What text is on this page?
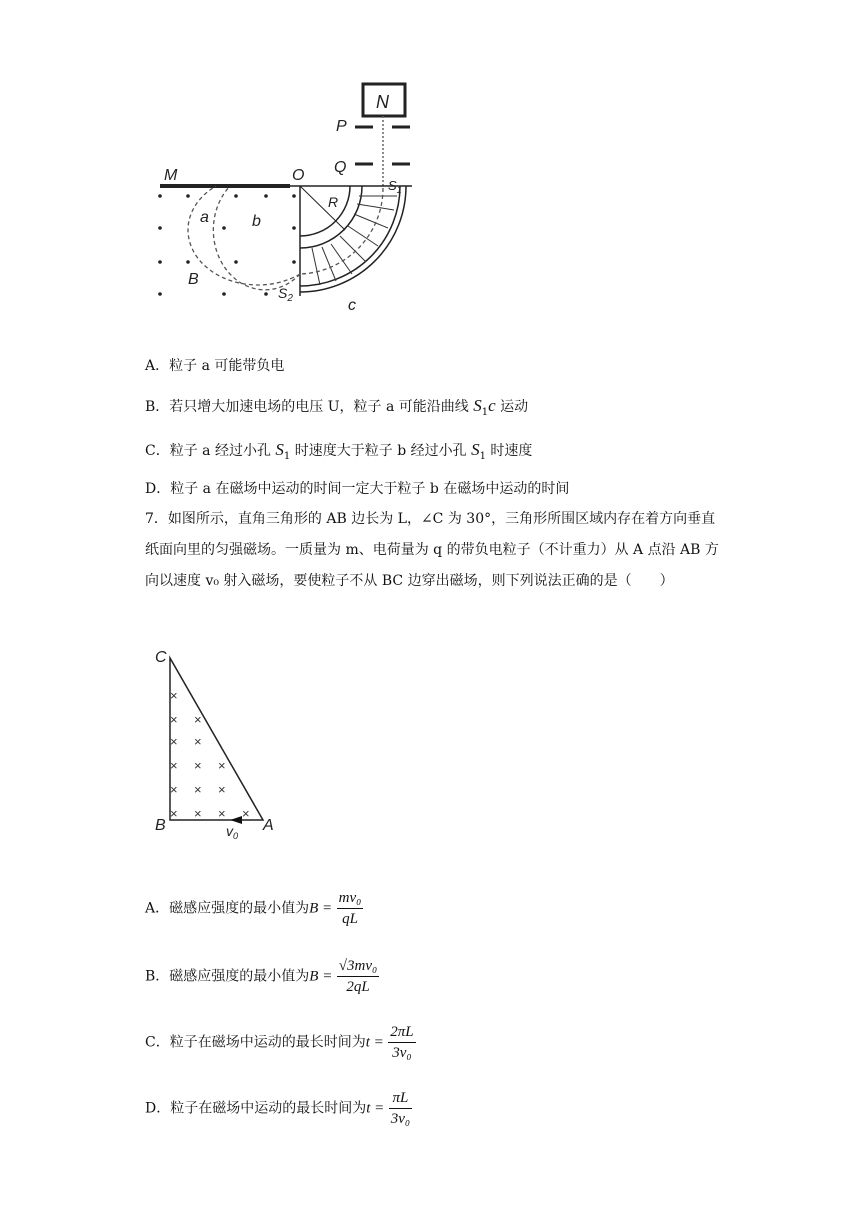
N
P
Q
M	O
$S_1$
R
a	b
B
$S_2$	c
A．粒子 a 可能带负电
B．若只增大加速电场的电压 U，粒子 a 可能沿曲线 $S_1c$ 运动
C．粒子 a 经过小孔 $S_1$ 时速度大于粒子 b 经过小孔 $S_1$ 时速度
D．粒子 a 在磁场中运动的时间一定大于粒子 b 在磁场中运动的时间
7．如图所示，直角三角形的 AB 边长为 L，∠C 为 30°，三角形所围区域内存在着方向垂直纸面向里的匀强磁场。一质量为 m、电荷量为 q 的带负电粒子（不计重力）从 A 点沿 AB 方向以速度 v₀ 射入磁场，要使粒子不从 BC 边穿出磁场，则下列说法正确的是（　　）
×
× ×
× ×
× × ×
× × ×
× × × ×
C
B	A
$v_0$
A．磁感应强度的最小值为$B = \frac{\text{mv₀}}{qL}$
B．磁感应强度的最小值为$B = \frac{\text{√3mv₀}}{2qL}$
C．粒子在磁场中运动的最长时间为$t = \frac{2\pi L}{\text{3v₀}}$
D．粒子在磁场中运动的最长时间为$t = \frac{\pi L}{\text{3v₀}}$
